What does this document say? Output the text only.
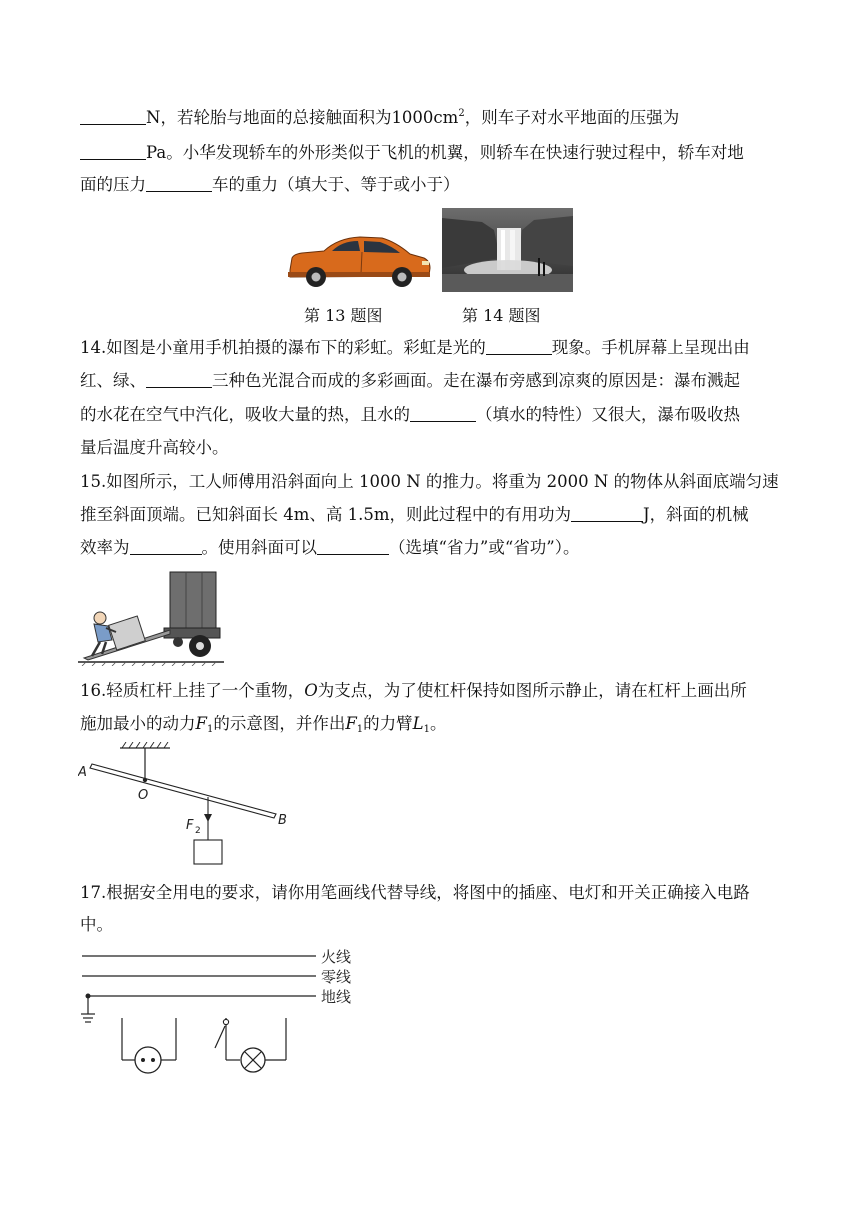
N，若轮胎与地面的总接触面积为$1000cm^2$，则车子对水平地面的压强为
Pa。小华发现轿车的外形类似于飞机的机翼，则轿车在快速行驶过程中，轿车对地
面的压力	车的重力（填大于、等于或小于）
第 13 题图	第 14 题图
14.如图是小童用手机拍摄的瀑布下的彩虹。彩虹是光的	现象。手机屏幕上呈现出由
红、绿、	三种色光混合而成的多彩画面。走在瀑布旁感到凉爽的原因是：瀑布溅起
的水花在空气中汽化，吸收大量的热，且水的	（填水的特性）又很大，瀑布吸收热
量后温度升高较小。
15.如图所示，工人师傅用沿斜面向上 1000 N 的推力。将重为 2000 N 的物体从斜面底端匀速
推至斜面顶端。已知斜面长 4m、高 1.5m，则此过程中的有用功为	J，斜面的机械
效率为	。使用斜面可以	（选填“省力”或“省功”）。
16.轻质杠杆上挂了一个重物，O为支点，为了使杠杆保持如图所示静止，请在杠杆上画出所
施加最小的动力$F_1$的示意图，并作出$F_1$的力臂$L_1$。
A
B
O
F 2
17.根据安全用电的要求，请你用笔画线代替导线，将图中的插座、电灯和开关正确接入电路
中。
火线
零线
地线
